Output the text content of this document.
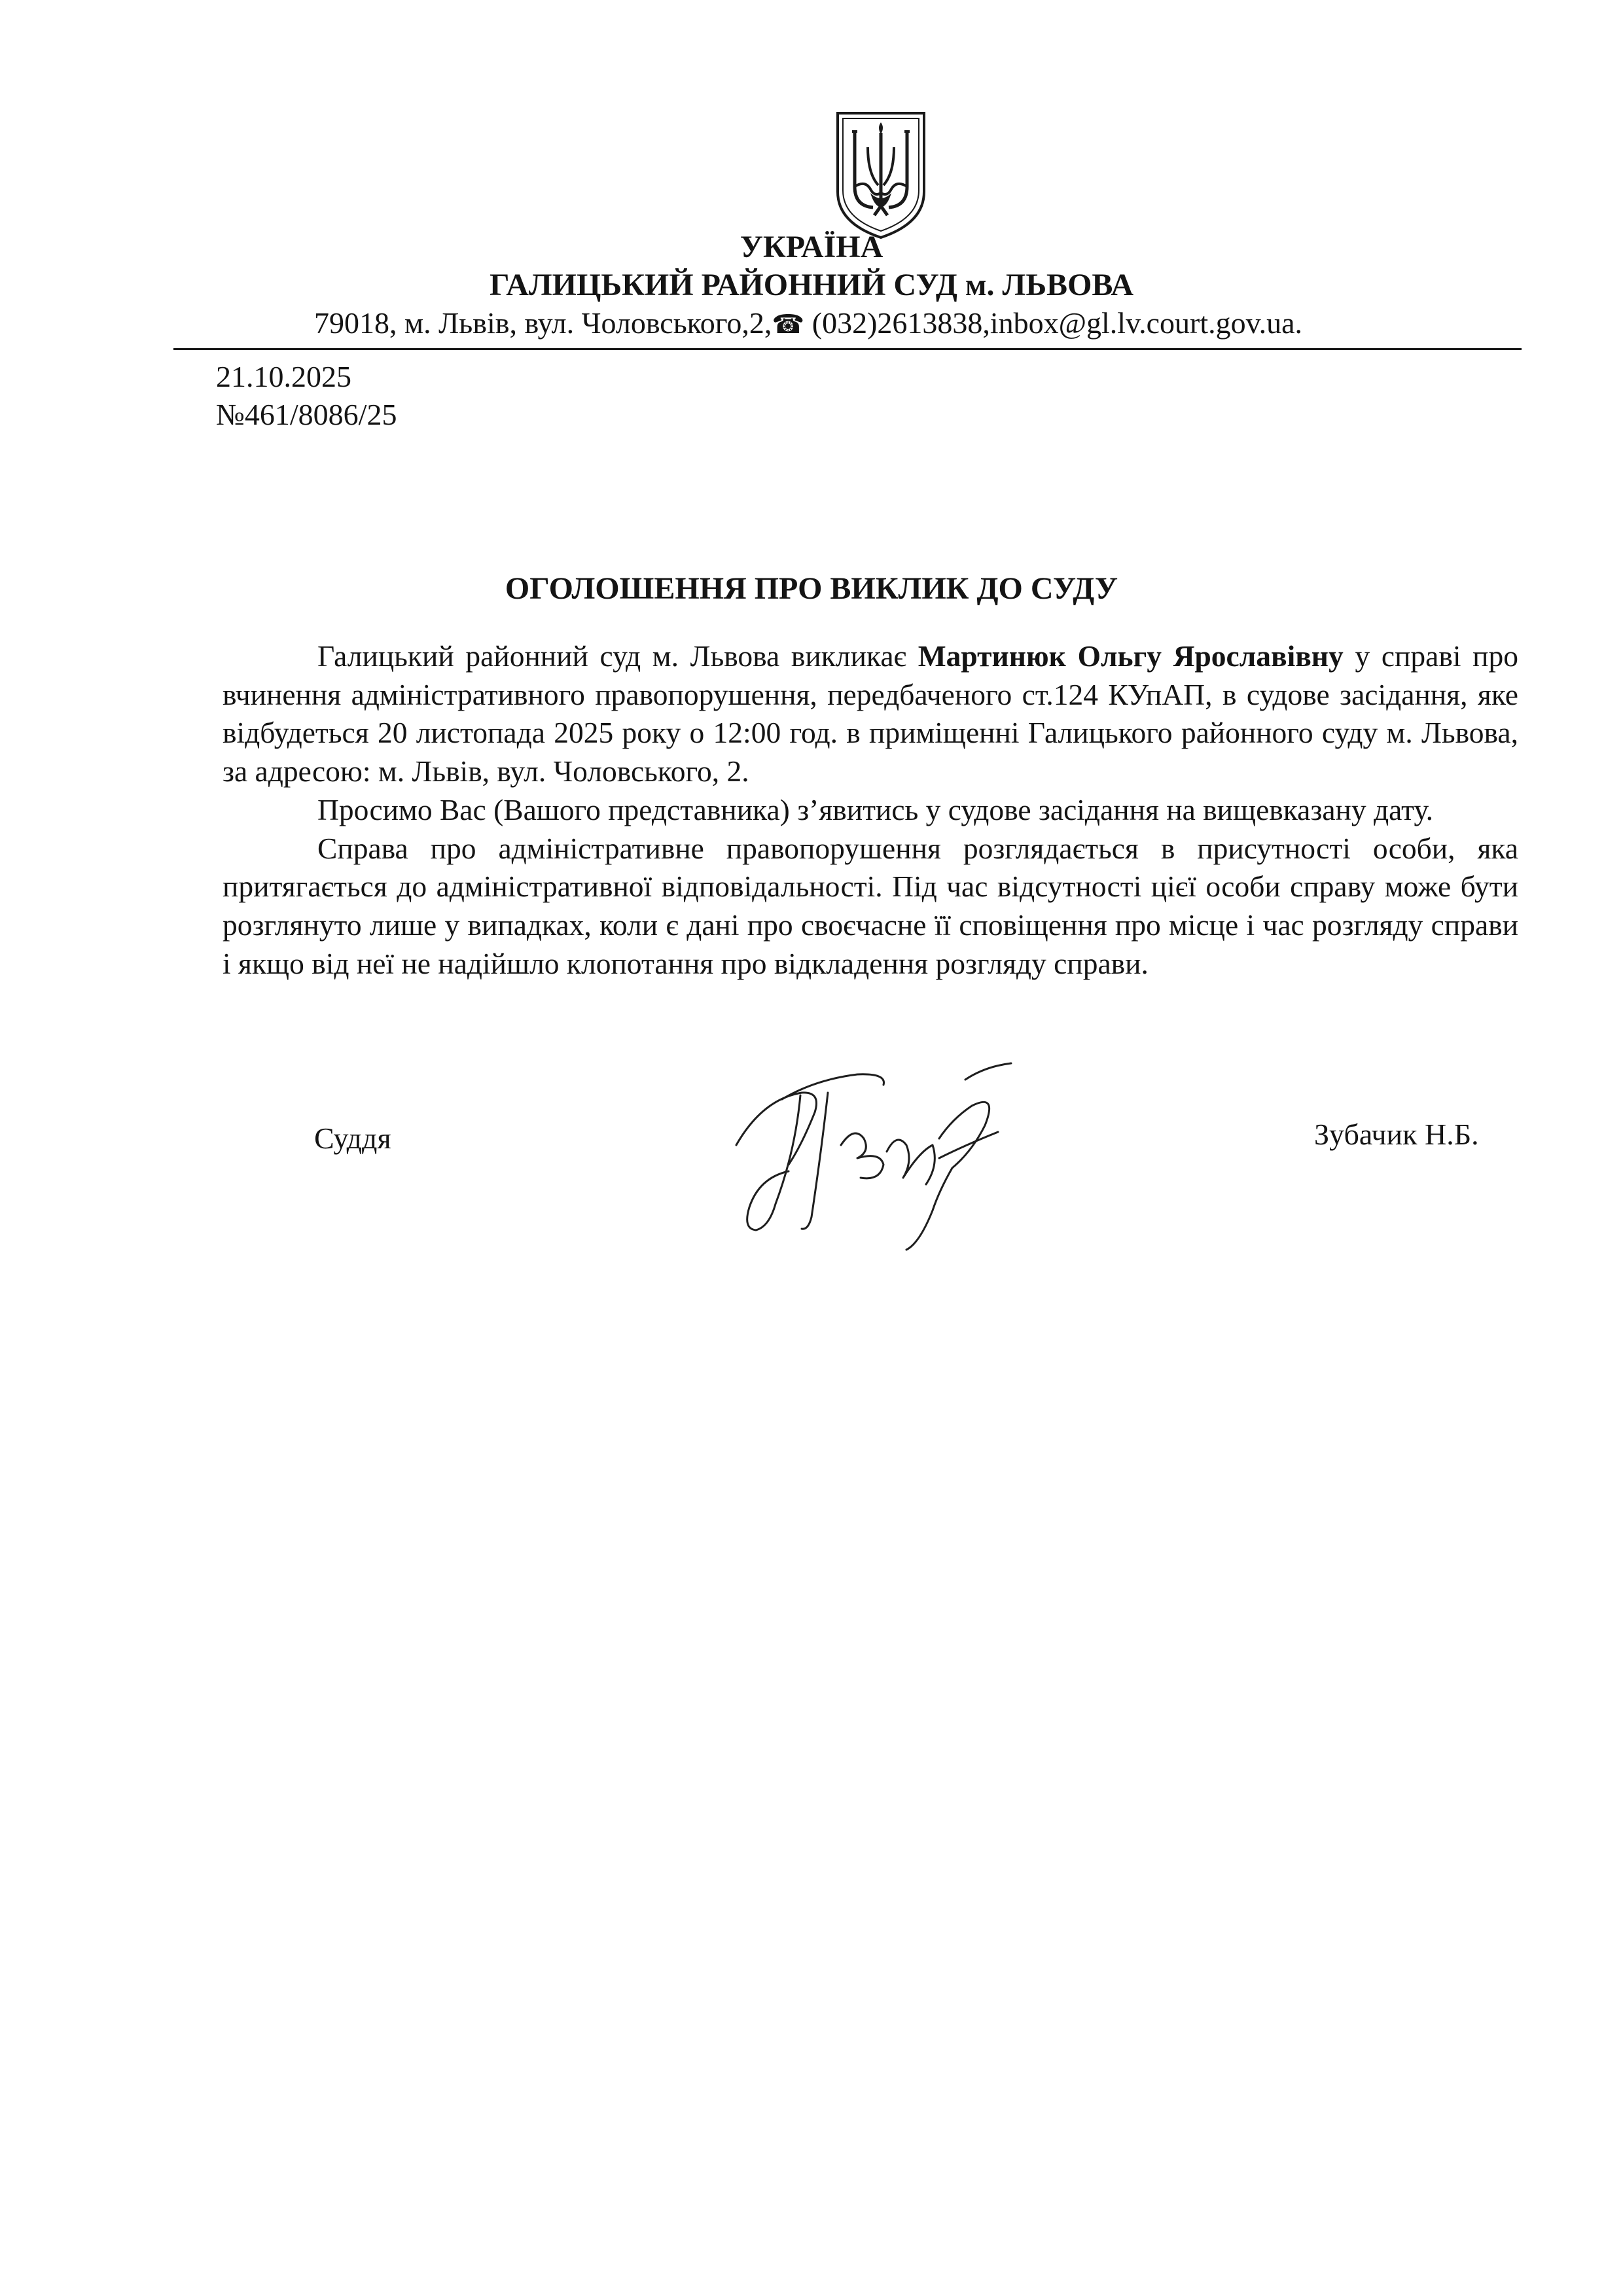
УКРАЇНА
ГАЛИЦЬКИЙ РАЙОННИЙ СУД м. ЛЬВОВА
79018, м. Львів, вул. Чоловського,2,☎ (032)2613838,inbox@gl.lv.court.gov.ua.
21.10.2025
№461/8086/25
ОГОЛОШЕННЯ ПРО ВИКЛИК ДО СУДУ

Галицький районний суд м. Львова викликає Мартинюк Ольгу Ярославівну у справі про вчинення адміністративного правопорушення, передбаченого ст.124 КУпАП, в судове засідання, яке відбудеться 20 листопада 2025 року о 12:00 год. в приміщенні Галицького районного суду м. Львова, за адресою: м. Львів, вул. Чоловського, 2.

Просимо Вас (Вашого представника) з’явитись у судове засідання на вищевказану дату.

Справа про адміністративне правопорушення розглядається в присутності особи, яка притягається до адміністративної відповідальності. Під час відсутності цієї особи справу може бути розглянуто лише у випадках, коли є дані про своєчасне її сповіщення про місце і час розгляду справи і якщо від неї не надійшло клопотання про відкладення розгляду справи.

Суддя	Зубачик Н.Б.
